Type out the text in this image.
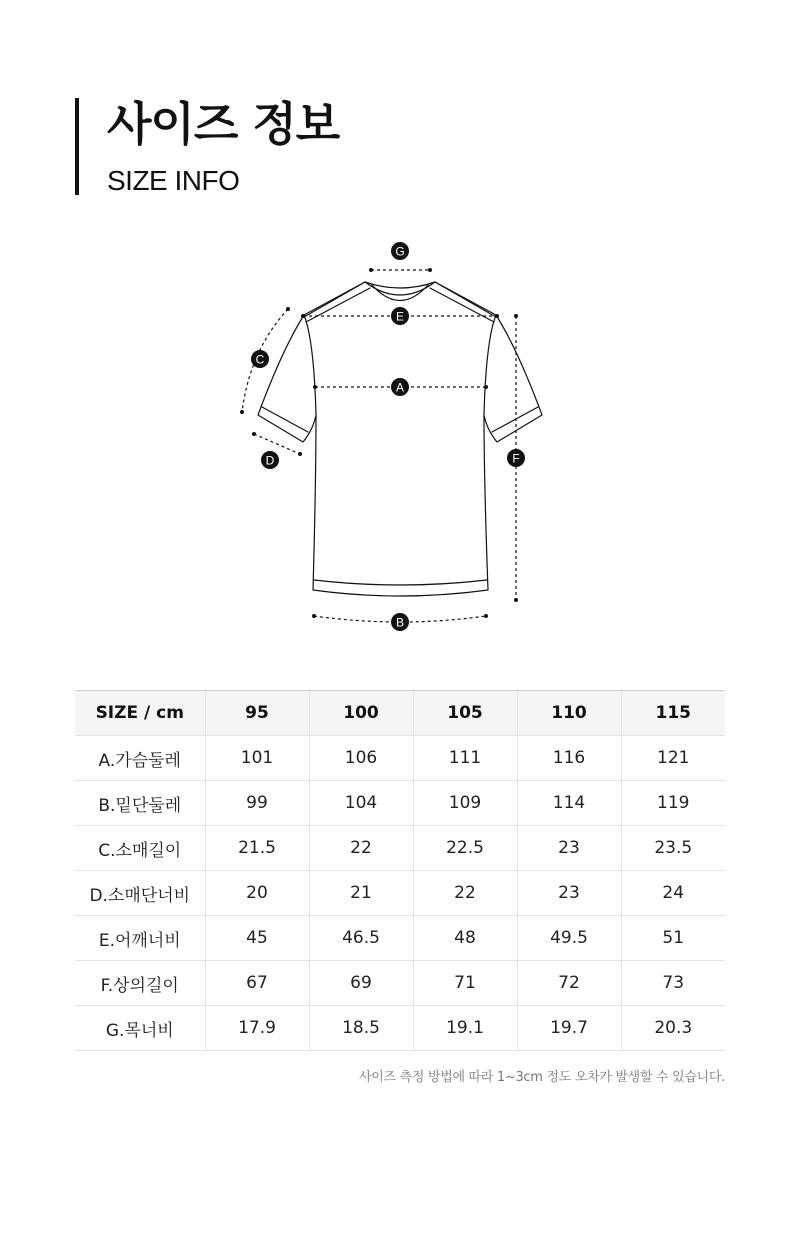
사이즈 정보
SIZE INFO
G
E
A
C
D	F
B
SIZE / cm	95	100	105	110	115
A.가슴둘레	101	106	111	116	121
B.밑단둘레	99	104	109	114	119
C.소매길이	21.5	22	22.5	23	23.5
D.소매단너비	20	21	22	23	24
E.어깨너비	45	46.5	48	49.5	51
F.상의길이	67	69	71	72	73
G.목너비	17.9	18.5	19.1	19.7	20.3
사이즈 측정 방법에 따라 1~3cm 정도 오차가 발생할 수 있습니다.
